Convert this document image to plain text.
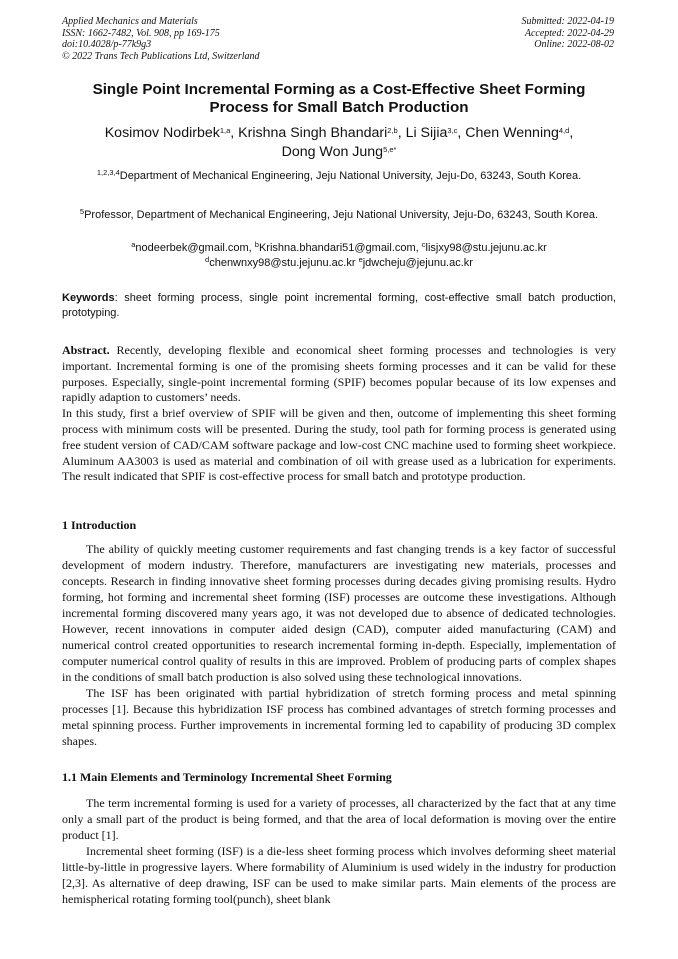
Applied Mechanics and Materials
ISSN: 1662-7482, Vol. 908, pp 169-175
doi:10.4028/p-77k9g3
© 2022 Trans Tech Publications Ltd, Switzerland
Submitted: 2022-04-19
Accepted: 2022-04-29
Online: 2022-08-02
Single Point Incremental Forming as a Cost-Effective Sheet Forming Process for Small Batch Production
Kosimov Nodirbek$^{1,a}$, Krishna Singh Bhandari$^{2,b}$, Li Sijia$^{3,c}$, Chen Wenning$^{4,d}$,
Dong Won Jung$^{5,e*}$
$^{1,2,3,4}$Department of Mechanical Engineering, Jeju National University, Jeju-Do, 63243, South Korea.
$^5$Professor, Department of Mechanical Engineering, Jeju National University, Jeju-Do, 63243, South Korea.
$^a$nodeerbek@gmail.com, $^b$Krishna.bhandari51@gmail.com, $^c$lisjxy98@stu.jejunu.ac.kr
$^d$chenwnxy98@stu.jejunu.ac.kr $^e$jdwcheju@jejunu.ac.kr
Keywords: sheet forming process, single point incremental forming, cost-effective small batch production, prototyping.

Abstract. Recently, developing flexible and economical sheet forming processes and technologies is very important. Incremental forming is one of the promising sheets forming processes and it can be valid for these purposes. Especially, single-point incremental forming (SPIF) becomes popular because of its low expenses and rapidly adaption to customers’ needs.

In this study, first a brief overview of SPIF will be given and then, outcome of implementing this sheet forming process with minimum costs will be presented. During the study, tool path for forming process is generated using free student version of CAD/CAM software package and low-cost CNC machine used to forming sheet workpiece. Aluminum AA3003 is used as material and combination of oil with grease used as a lubrication for experiments. The result indicated that SPIF is cost-effective process for small batch and prototype production.

1 Introduction

The ability of quickly meeting customer requirements and fast changing trends is a key factor of successful development of modern industry. Therefore, manufacturers are investigating new materials, processes and concepts. Research in finding innovative sheet forming processes during decades giving promising results. Hydro forming, hot forming and incremental sheet forming (ISF) processes are outcome these investigations. Although incremental forming discovered many years ago, it was not developed due to absence of dedicated technologies. However, recent innovations in computer aided design (CAD), computer aided manufacturing (CAM) and numerical control created opportunities to research incremental forming in-depth. Especially, implementation of computer numerical control quality of results in this are improved. Problem of producing parts of complex shapes in the conditions of small batch production is also solved using these technological innovations.

The ISF has been originated with partial hybridization of stretch forming process and metal spinning processes [1]. Because this hybridization ISF process has combined advantages of stretch forming processes and metal spinning process. Further improvements in incremental forming led to capability of producing 3D complex shapes.

1.1 Main Elements and Terminology Incremental Sheet Forming

The term incremental forming is used for a variety of processes, all characterized by the fact that at any time only a small part of the product is being formed, and that the area of local deformation is moving over the entire product [1].

Incremental sheet forming (ISF) is a die-less sheet forming process which involves deforming sheet material little-by-little in progressive layers. Where formability of Aluminium is used widely in the industry for production [2,3]. As alternative of deep drawing, ISF can be used to make similar parts. Main elements of the process are hemispherical rotating forming tool(punch), sheet blank
